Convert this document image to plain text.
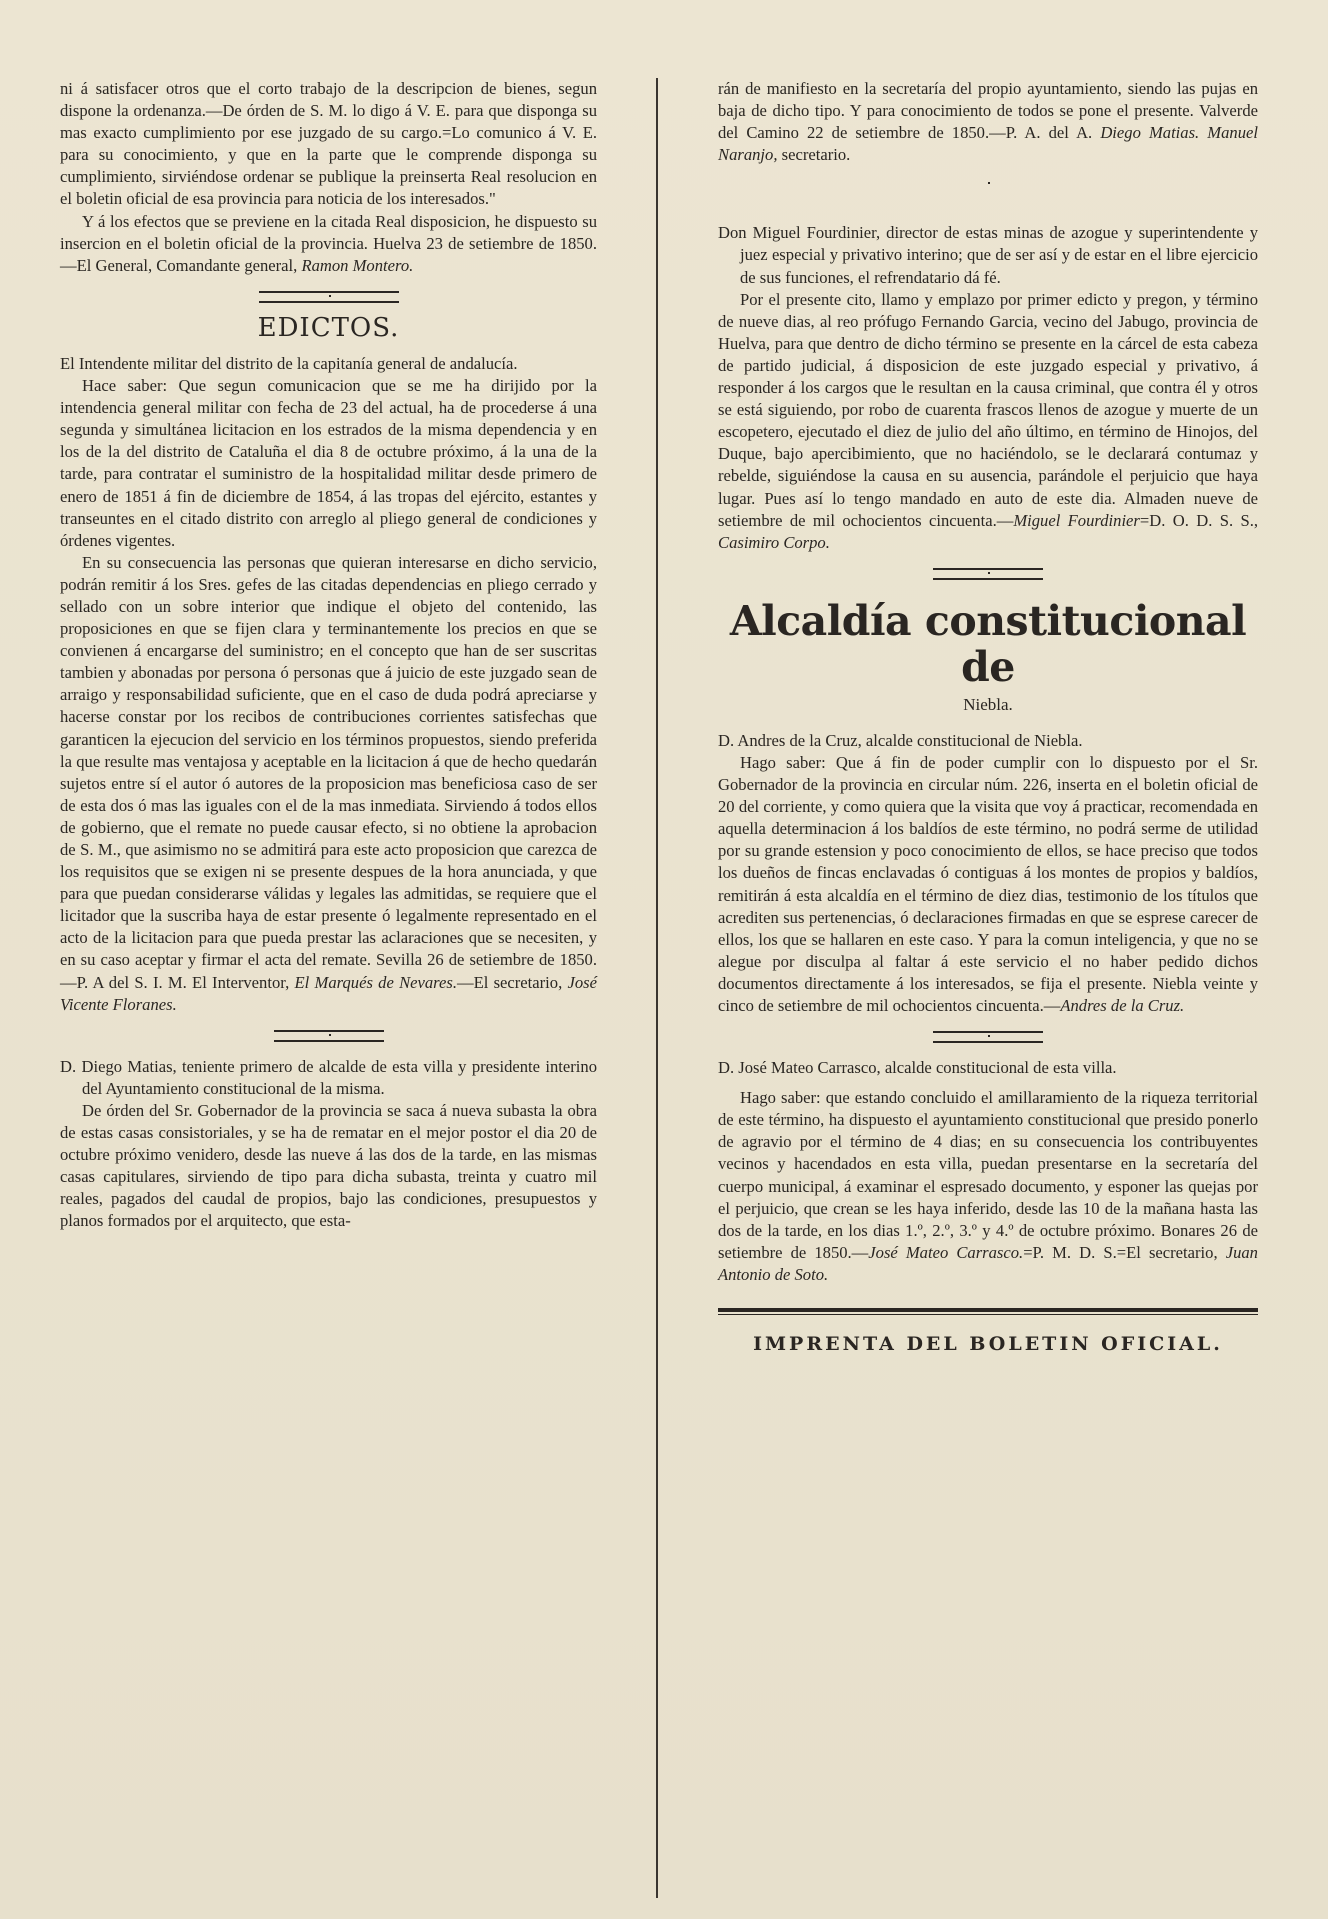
ni á satisfacer otros que el corto trabajo de la descripcion de bienes, segun dispone la ordenanza.—De órden de S. M. lo digo á V. E. para que disponga su mas exacto cumplimiento por ese juzgado de su cargo.=Lo comunico á V. E. para su conocimiento, y que en la parte que le comprende disponga su cumplimiento, sirviéndose ordenar se publique la preinserta Real resolucion en el boletin oficial de esa provincia para noticia de los interesados."

Y á los efectos que se previene en la citada Real disposicion, he dispuesto su insercion en el boletin oficial de la provincia. Huelva 23 de setiembre de 1850.—El General, Comandante general, Ramon Montero.

EDICTOS.

El Intendente militar del distrito de la capitanía general de andalucía.

Hace saber: Que segun comunicacion que se me ha dirijido por la intendencia general militar con fecha de 23 del actual, ha de procederse á una segunda y simultánea licitacion en los estrados de la misma dependencia y en los de la del distrito de Cataluña el dia 8 de octubre próximo, á la una de la tarde, para contratar el suministro de la hospitalidad militar desde primero de enero de 1851 á fin de diciembre de 1854, á las tropas del ejército, estantes y transeuntes en el citado distrito con arreglo al pliego general de condiciones y órdenes vigentes.

En su consecuencia las personas que quieran interesarse en dicho servicio, podrán remitir á los Sres. gefes de las citadas dependencias en pliego cerrado y sellado con un sobre interior que indique el objeto del contenido, las proposiciones en que se fijen clara y terminantemente los precios en que se convienen á encargarse del suministro; en el concepto que han de ser suscritas tambien y abonadas por persona ó personas que á juicio de este juzgado sean de arraigo y responsabilidad suficiente, que en el caso de duda podrá apreciarse y hacerse constar por los recibos de contribuciones corrientes satisfechas que garanticen la ejecucion del servicio en los términos propuestos, siendo preferida la que resulte mas ventajosa y aceptable en la licitacion á que de hecho quedarán sujetos entre sí el autor ó autores de la proposicion mas beneficiosa caso de ser de esta dos ó mas las iguales con el de la mas inmediata. Sirviendo á todos ellos de gobierno, que el remate no puede causar efecto, si no obtiene la aprobacion de S. M., que asimismo no se admitirá para este acto proposicion que carezca de los requisitos que se exigen ni se presente despues de la hora anunciada, y que para que puedan considerarse válidas y legales las admitidas, se requiere que el licitador que la suscriba haya de estar presente ó legalmente representado en el acto de la licitacion para que pueda prestar las aclaraciones que se necesiten, y en su caso aceptar y firmar el acta del remate. Sevilla 26 de setiembre de 1850.—P. A del S. I. M. El Interventor, El Marqués de Nevares.—El secretario, José Vicente Floranes.

D. Diego Matias, teniente primero de alcalde de esta villa y presidente interino del Ayuntamiento constitucional de la misma.

De órden del Sr. Gobernador de la provincia se saca á nueva subasta la obra de estas casas consistoriales, y se ha de rematar en el mejor postor el dia 20 de octubre próximo venidero, desde las nueve á las dos de la tarde, en las mismas casas capitulares, sirviendo de tipo para dicha subasta, treinta y cuatro mil reales, pagados del caudal de propios, bajo las condiciones, presupuestos y planos formados por el arquitecto, que esta-

rán de manifiesto en la secretaría del propio ayuntamiento, siendo las pujas en baja de dicho tipo. Y para conocimiento de todos se pone el presente. Valverde del Camino 22 de setiembre de 1850.—P. A. del A. Diego Matias. Manuel Naranjo, secretario.

Don Miguel Fourdinier, director de estas minas de azogue y superintendente y juez especial y privativo interino; que de ser así y de estar en el libre ejercicio de sus funciones, el refrendatario dá fé.

Por el presente cito, llamo y emplazo por primer edicto y pregon, y término de nueve dias, al reo prófugo Fernando Garcia, vecino del Jabugo, provincia de Huelva, para que dentro de dicho término se presente en la cárcel de esta cabeza de partido judicial, á disposicion de este juzgado especial y privativo, á responder á los cargos que le resultan en la causa criminal, que contra él y otros se está siguiendo, por robo de cuarenta frascos llenos de azogue y muerte de un escopetero, ejecutado el diez de julio del año último, en término de Hinojos, del Duque, bajo apercibimiento, que no haciéndolo, se le declarará contumaz y rebelde, siguiéndose la causa en su ausencia, parándole el perjuicio que haya lugar. Pues así lo tengo mandado en auto de este dia. Almaden nueve de setiembre de mil ochocientos cincuenta.—Miguel Fourdinier=D. O. D. S. S., Casimiro Corpo.

Alcaldía constitucional de
Niebla.

D. Andres de la Cruz, alcalde constitucional de Niebla.

Hago saber: Que á fin de poder cumplir con lo dispuesto por el Sr. Gobernador de la provincia en circular núm. 226, inserta en el boletin oficial de 20 del corriente, y como quiera que la visita que voy á practicar, recomendada en aquella determinacion á los baldíos de este término, no podrá serme de utilidad por su grande estension y poco conocimiento de ellos, se hace preciso que todos los dueños de fincas enclavadas ó contiguas á los montes de propios y baldíos, remitirán á esta alcaldía en el término de diez dias, testimonio de los títulos que acrediten sus pertenencias, ó declaraciones firmadas en que se esprese carecer de ellos, los que se hallaren en este caso. Y para la comun inteligencia, y que no se alegue por disculpa al faltar á este servicio el no haber pedido dichos documentos directamente á los interesados, se fija el presente. Niebla veinte y cinco de setiembre de mil ochocientos cincuenta.—Andres de la Cruz.

D. José Mateo Carrasco, alcalde constitucional de esta villa.

Hago saber: que estando concluido el amillaramiento de la riqueza territorial de este término, ha dispuesto el ayuntamiento constitucional que presido ponerlo de agravio por el término de 4 dias; en su consecuencia los contribuyentes vecinos y hacendados en esta villa, puedan presentarse en la secretaría del cuerpo municipal, á examinar el espresado documento, y esponer las quejas por el perjuicio, que crean se les haya inferido, desde las 10 de la mañana hasta las dos de la tarde, en los dias 1.º, 2.º, 3.º y 4.º de octubre próximo. Bonares 26 de setiembre de 1850.—José Mateo Carrasco.=P. M. D. S.=El secretario, Juan Antonio de Soto.

IMPRENTA DEL BOLETIN OFICIAL.
